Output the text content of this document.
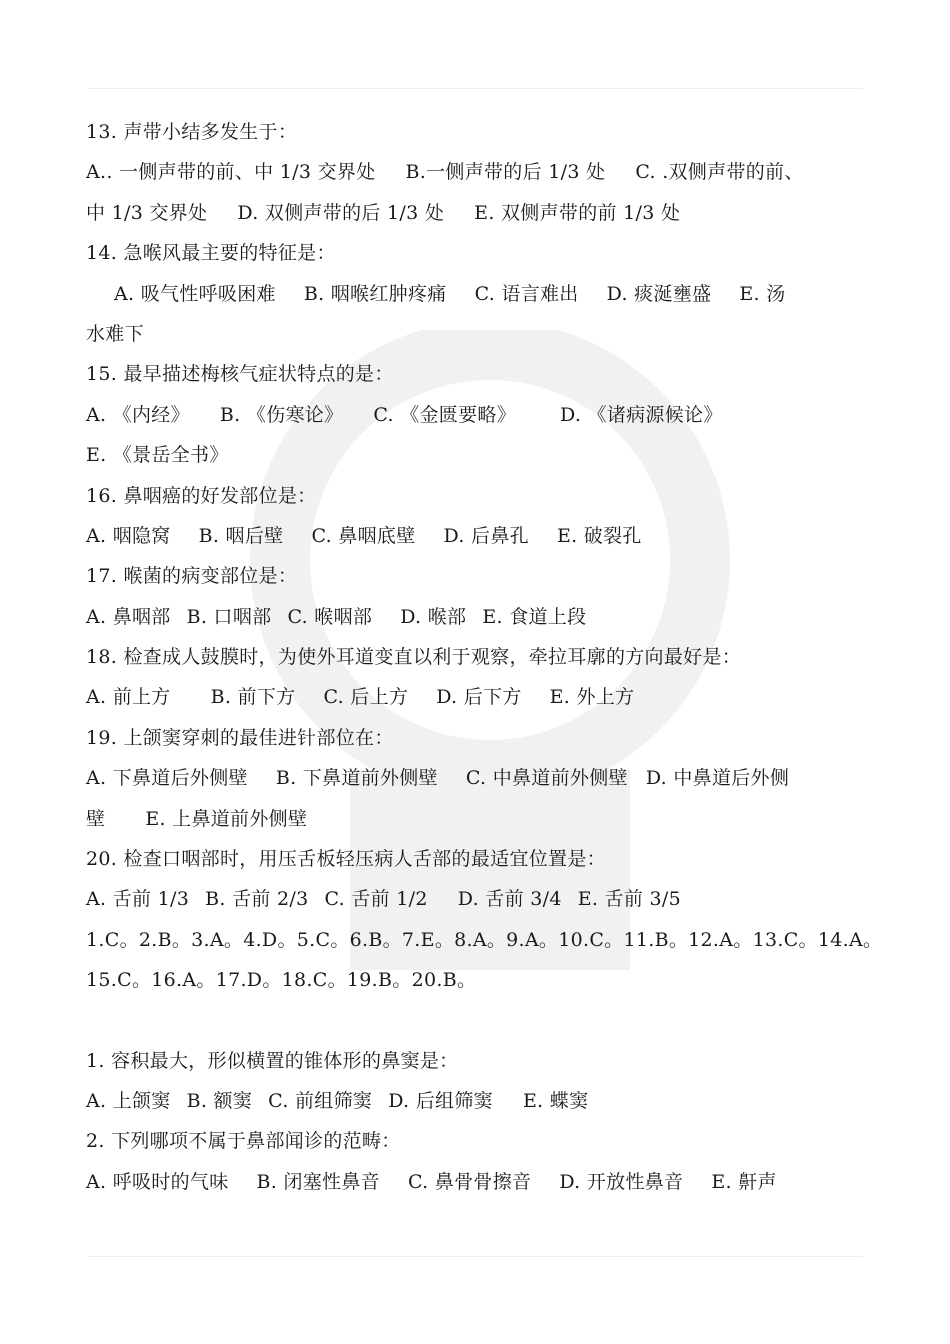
13. 声带小结多发生于：
A.. 一侧声带的前、中 1/3 交界处 B.一侧声带的后 1/3 处 C. .双侧声带的前、
中 1/3 交界处 D. 双侧声带的后 1/3 处 E. 双侧声带的前 1/3 处
14. 急喉风最主要的特征是：
A. 吸气性呼吸困难 B. 咽喉红肿疼痛 C. 语言难出 D. 痰涎壅盛 E. 汤
水难下
15. 最早描述梅核气症状特点的是：
A. 《内经》 B. 《伤寒论》 C. 《金匮要略》 D. 《诸病源候论》
E. 《景岳全书》
16. 鼻咽癌的好发部位是：
A. 咽隐窝 B. 咽后壁 C. 鼻咽底壁 D. 后鼻孔 E. 破裂孔
17. 喉菌的病变部位是：
A. 鼻咽部 B. 口咽部 C. 喉咽部 D. 喉部 E. 食道上段
18. 检查成人鼓膜时，为使外耳道变直以利于观察，牵拉耳廓的方向最好是：
A. 前上方 B. 前下方 C. 后上方 D. 后下方 E. 外上方
19. 上颌窦穿刺的最佳进针部位在：
A. 下鼻道后外侧壁 B. 下鼻道前外侧壁 C. 中鼻道前外侧壁 D. 中鼻道后外侧
壁 E. 上鼻道前外侧壁
20. 检查口咽部时，用压舌板轻压病人舌部的最适宜位置是：
A. 舌前 1/3 B. 舌前 2/3 C. 舌前 1/2 D. 舌前 3/4 E. 舌前 3/5
1.C。2.B。3.A。4.D。5.C。6.B。7.E。8.A。9.A。10.C。11.B。12.A。13.C。14.A。
15.C。16.A。17.D。18.C。19.B。20.B。
1. 容积最大，形似横置的锥体形的鼻窦是：
A. 上颌窦 B. 额窦 C. 前组筛窦 D. 后组筛窦 E. 蝶窦
2. 下列哪项不属于鼻部闻诊的范畴：
A. 呼吸时的气味 B. 闭塞性鼻音 C. 鼻骨骨擦音 D. 开放性鼻音 E. 鼾声
